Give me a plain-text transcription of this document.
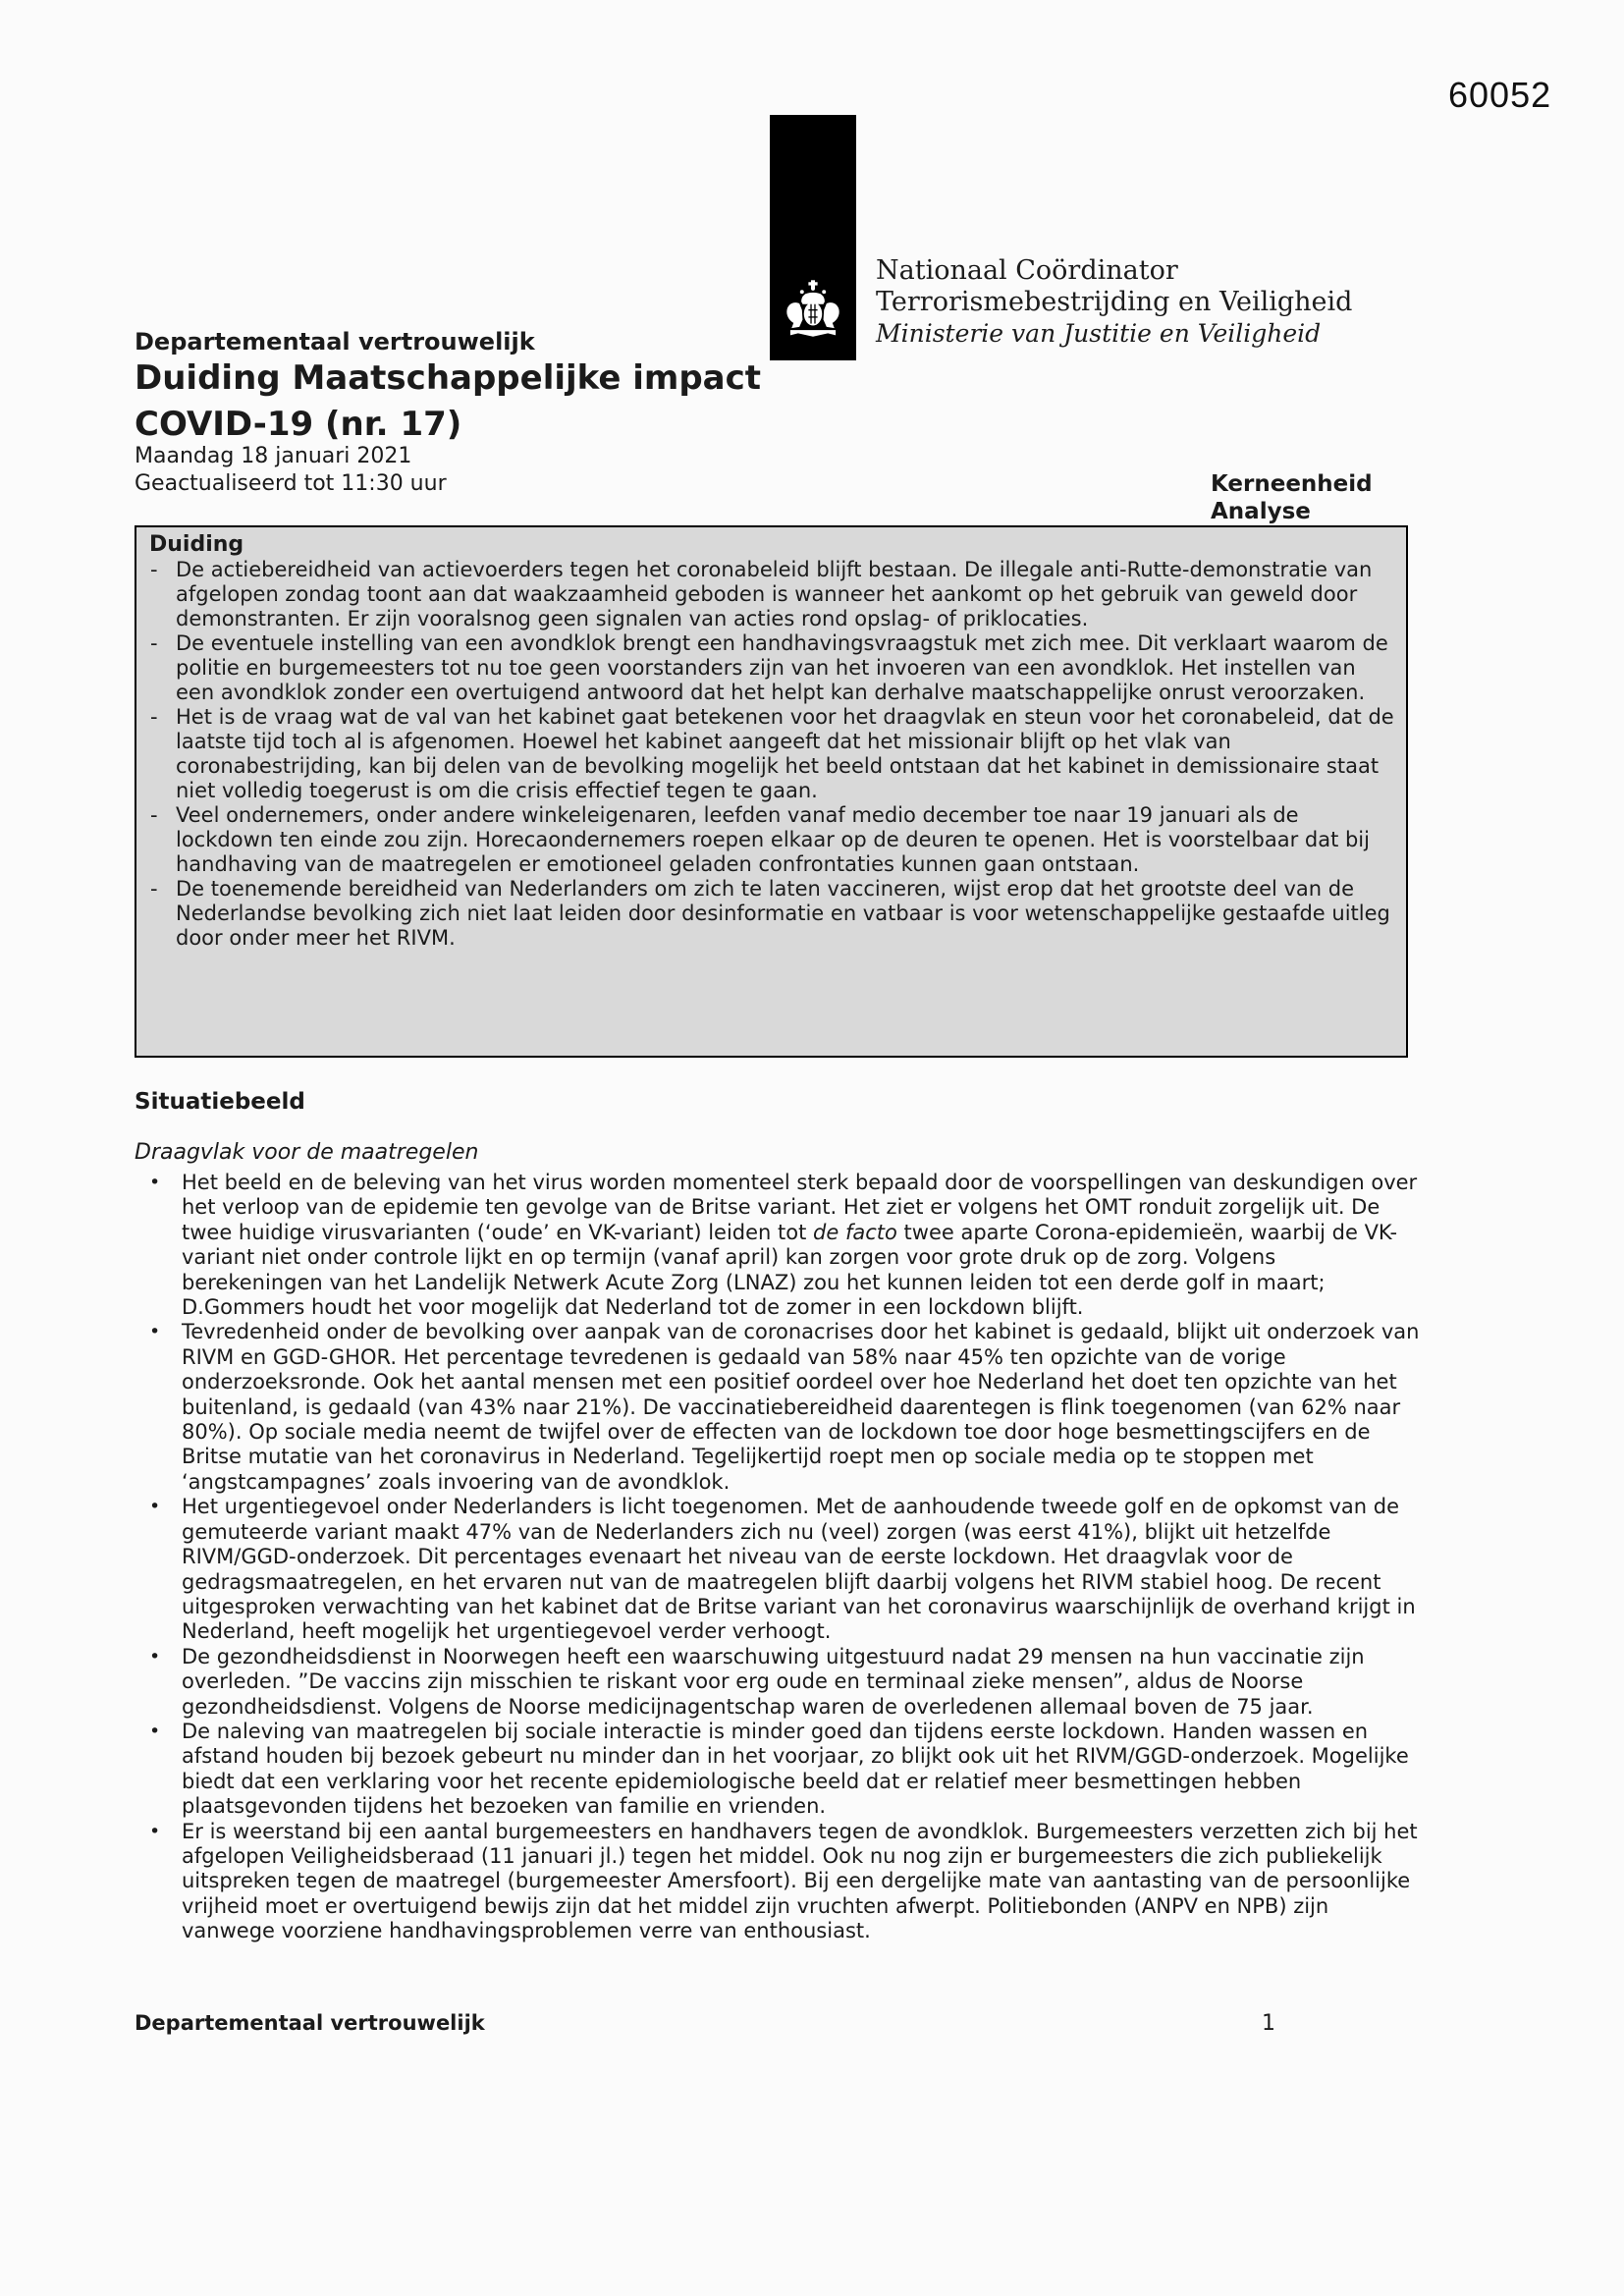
60052
Nationaal Coördinator
Terrorismebestrijding en Veiligheid
Ministerie van Justitie en Veiligheid
Departementaal vertrouwelijk
Duiding Maatschappelijke impact
COVID-19 (nr. 17)
Maandag 18 januari 2021
Geactualiseerd tot 11:30 uur	Kerneenheid
Analyse
Duiding
- De actiebereidheid van actievoerders tegen het coronabeleid blijft bestaan. De illegale anti-Rutte-demonstratie van afgelopen zondag toont aan dat waakzaamheid geboden is wanneer het aankomt op het gebruik van geweld door demonstranten. Er zijn vooralsnog geen signalen van acties rond opslag- of priklocaties.
- De eventuele instelling van een avondklok brengt een handhavingsvraagstuk met zich mee. Dit verklaart waarom de politie en burgemeesters tot nu toe geen voorstanders zijn van het invoeren van een avondklok. Het instellen van een avondklok zonder een overtuigend antwoord dat het helpt kan derhalve maatschappelijke onrust veroorzaken.
- Het is de vraag wat de val van het kabinet gaat betekenen voor het draagvlak en steun voor het coronabeleid, dat de laatste tijd toch al is afgenomen. Hoewel het kabinet aangeeft dat het missionair blijft op het vlak van coronabestrijding, kan bij delen van de bevolking mogelijk het beeld ontstaan dat het kabinet in demissionaire staat niet volledig toegerust is om die crisis effectief tegen te gaan.
- Veel ondernemers, onder andere winkeleigenaren, leefden vanaf medio december toe naar 19 januari als de lockdown ten einde zou zijn. Horecaondernemers roepen elkaar op de deuren te openen. Het is voorstelbaar dat bij handhaving van de maatregelen er emotioneel geladen confrontaties kunnen gaan ontstaan.
- De toenemende bereidheid van Nederlanders om zich te laten vaccineren, wijst erop dat het grootste deel van de Nederlandse bevolking zich niet laat leiden door desinformatie en vatbaar is voor wetenschappelijke gestaafde uitleg door onder meer het RIVM.
Situatiebeeld
Draagvlak voor de maatregelen
•	Het beeld en de beleving van het virus worden momenteel sterk bepaald door de voorspellingen van deskundigen over het verloop van de epidemie ten gevolge van de Britse variant. Het ziet er volgens het OMT ronduit zorgelijk uit. De twee huidige virusvarianten (‘oude’ en VK-variant) leiden tot de facto twee aparte Corona-epidemieën, waarbij de VK-variant niet onder controle lijkt en op termijn (vanaf april) kan zorgen voor grote druk op de zorg. Volgens berekeningen van het Landelijk Netwerk Acute Zorg (LNAZ) zou het kunnen leiden tot een derde golf in maart; D.Gommers houdt het voor mogelijk dat Nederland tot de zomer in een lockdown blijft.
•	Tevredenheid onder de bevolking over aanpak van de coronacrises door het kabinet is gedaald, blijkt uit onderzoek van RIVM en GGD-GHOR. Het percentage tevredenen is gedaald van 58% naar 45% ten opzichte van de vorige onderzoeksronde. Ook het aantal mensen met een positief oordeel over hoe Nederland het doet ten opzichte van het buitenland, is gedaald (van 43% naar 21%). De vaccinatiebereidheid daarentegen is flink toegenomen (van 62% naar 80%). Op sociale media neemt de twijfel over de effecten van de lockdown toe door hoge besmettingscijfers en de Britse mutatie van het coronavirus in Nederland. Tegelijkertijd roept men op sociale media op te stoppen met ‘angstcampagnes’ zoals invoering van de avondklok.
•	Het urgentiegevoel onder Nederlanders is licht toegenomen. Met de aanhoudende tweede golf en de opkomst van de gemuteerde variant maakt 47% van de Nederlanders zich nu (veel) zorgen (was eerst 41%), blijkt uit hetzelfde RIVM/GGD-onderzoek. Dit percentages evenaart het niveau van de eerste lockdown. Het draagvlak voor de gedragsmaatregelen, en het ervaren nut van de maatregelen blijft daarbij volgens het RIVM stabiel hoog. De recent uitgesproken verwachting van het kabinet dat de Britse variant van het coronavirus waarschijnlijk de overhand krijgt in Nederland, heeft mogelijk het urgentiegevoel verder verhoogt.
•	De gezondheidsdienst in Noorwegen heeft een waarschuwing uitgestuurd nadat 29 mensen na hun vaccinatie zijn overleden. ”De vaccins zijn misschien te riskant voor erg oude en terminaal zieke mensen”, aldus de Noorse gezondheidsdienst. Volgens de Noorse medicijnagentschap waren de overledenen allemaal boven de 75 jaar.
•	De naleving van maatregelen bij sociale interactie is minder goed dan tijdens eerste lockdown. Handen wassen en afstand houden bij bezoek gebeurt nu minder dan in het voorjaar, zo blijkt ook uit het RIVM/GGD-onderzoek. Mogelijke biedt dat een verklaring voor het recente epidemiologische beeld dat er relatief meer besmettingen hebben plaatsgevonden tijdens het bezoeken van familie en vrienden.
•	Er is weerstand bij een aantal burgemeesters en handhavers tegen de avondklok. Burgemeesters verzetten zich bij het afgelopen Veiligheidsberaad (11 januari jl.) tegen het middel. Ook nu nog zijn er burgemeesters die zich publiekelijk uitspreken tegen de maatregel (burgemeester Amersfoort). Bij een dergelijke mate van aantasting van de persoonlijke vrijheid moet er overtuigend bewijs zijn dat het middel zijn vruchten afwerpt. Politiebonden (ANPV en NPB) zijn vanwege voorziene handhavingsproblemen verre van enthousiast.
Departementaal vertrouwelijk	1
